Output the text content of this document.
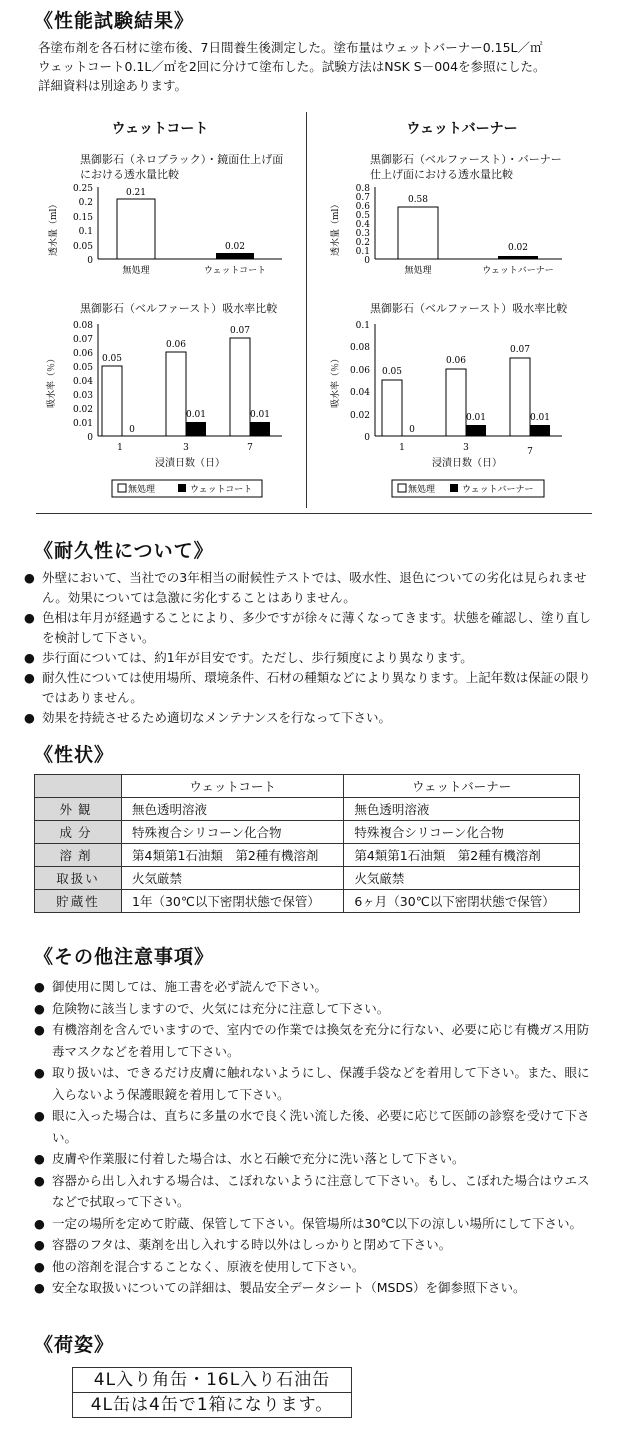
《性能試験結果》
各塗布剤を各石材に塗布後、7日間養生後測定した。塗布量はウェットバーナー0.15L／㎡
ウェットコート0.1L／㎡を2回に分けて塗布した。試験方法はNSK S－004を参照にした。
詳細資料は別途あります。
ウェットコート
黒御影石（ネロブラック）・鏡面仕上げ面
における透水量比較
黒御影石（ベルファースト）吸水率比較
0.25
0.2
0.15
0.1
0.05
0
透水量（ml）
0.21
0.02
無処理	ウェットコート
0.08
0.07
0.06
0.05
0.04
0.03
0.02
0.01
0
吸水率（％）	0.05
0.06
0.07
0
0.01	0.01
1	3	7
浸漬日数（日）
無処理	ウェットコート
ウェットバーナー
黒御影石（ベルファースト）・バーナー
仕上げ面における透水量比較
黒御影石（ベルファースト）吸水率比較
0.8
0.7
0.6
0.5
0.4
0.3
0.2
0.1
0
透水量（ml）	0.58
0.02
無処理	ウェットバーナー
0.1
0.08
0.06
0.04
0.02
0
吸水率（％）	0.05
0.06
0.07
0
0.01	0.01
1	3	7
浸漬日数（日）
無処理	ウェットバーナー
《耐久性について》
● 外壁において、当社での3年相当の耐候性テストでは、吸水性、退色についての劣化は見られません。効果については急激に劣化することはありません。
● 色相は年月が経過することにより、多少ですが徐々に薄くなってきます。状態を確認し、塗り直しを検討して下さい。
● 歩行面については、約1年が目安です。ただし、歩行頻度により異なります。
● 耐久性については使用場所、環境条件、石材の種類などにより異なります。上記年数は保証の限りではありません。
● 効果を持続させるため適切なメンテナンスを行なって下さい。
《性状》
	ウェットコート	ウェットバーナー
外観	無色透明溶液	無色透明溶液
成分	特殊複合シリコーン化合物	特殊複合シリコーン化合物
溶剤	第4類第1石油類　第2種有機溶剤	第4類第1石油類　第2種有機溶剤
取扱い	火気厳禁	火気厳禁
貯蔵性	1年（30℃以下密閉状態で保管）	6ヶ月（30℃以下密閉状態で保管）
《その他注意事項》
● 御使用に関しては、施工書を必ず読んで下さい。
● 危険物に該当しますので、火気には充分に注意して下さい。
● 有機溶剤を含んでいますので、室内での作業では換気を充分に行ない、必要に応じ有機ガス用防毒マスクなどを着用して下さい。
● 取り扱いは、できるだけ皮膚に触れないようにし、保護手袋などを着用して下さい。また、眼に入らないよう保護眼鏡を着用して下さい。
● 眼に入った場合は、直ちに多量の水で良く洗い流した後、必要に応じて医師の診察を受けて下さい。
● 皮膚や作業服に付着した場合は、水と石鹸で充分に洗い落として下さい。
● 容器から出し入れする場合は、こぼれないように注意して下さい。もし、こぼれた場合はウエスなどで拭取って下さい。
● 一定の場所を定めて貯蔵、保管して下さい。保管場所は30℃以下の涼しい場所にして下さい。
● 容器のフタは、薬剤を出し入れする時以外はしっかりと閉めて下さい。
● 他の溶剤を混合することなく、原液を使用して下さい。
● 安全な取扱いについての詳細は、製品安全データシート（MSDS）を御参照下さい。
《荷姿》
4L入り角缶・16L入り石油缶
4L缶は4缶で1箱になります。
